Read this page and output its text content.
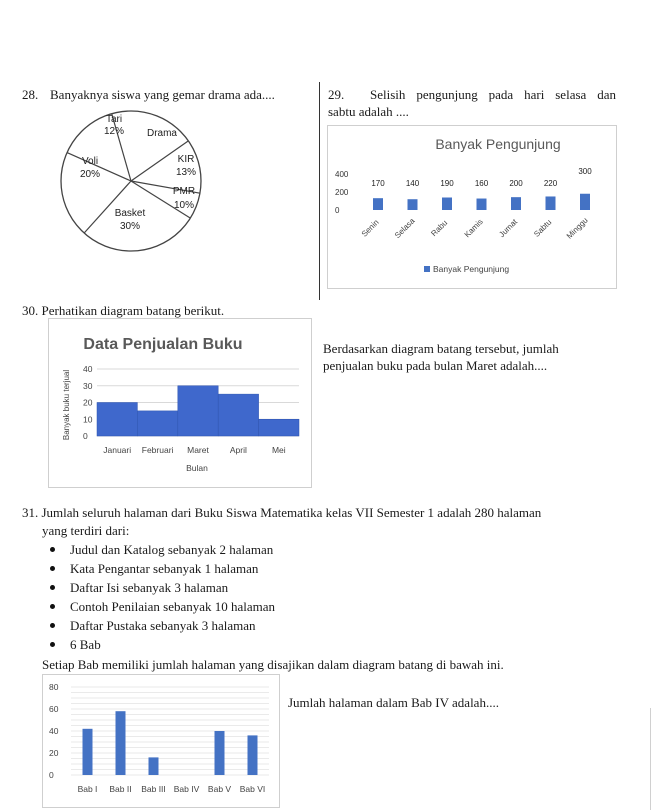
28. Banyaknya siswa yang gemar drama ada....
Tari
12% Drama
KIR
13%
PMR
10%
Basket
30%
Voli
20%
29. Selisih pengunjung pada hari selasa dan
sabtu adalah ....
Banyak Pengunjung
400
200
0
170	140	190	160	200	220
300
Senin Selasa Rabu Kamis Jumat Sabtu Minggu
Banyak Pengunjung
30. Perhatikan diagram batang berikut.
Data Penjualan Buku
40
30
20
10
0
Januari Februari Maret April	Mei
Bulan
Banyak buku terjual
Berdasarkan diagram batang tersebut, jumlah
penjualan buku pada bulan Maret adalah....
31. Jumlah seluruh halaman dari Buku Siswa Matematika kelas VII Semester 1 adalah 280 halaman
yang terdiri dari:
Judul dan Katalog sebanyak 2 halaman
Kata Pengantar sebanyak 1 halaman
Daftar Isi sebanyak 3 halaman
Contoh Penilaian sebanyak 10 halaman
Daftar Pustaka sebanyak 3 halaman
6 Bab
Setiap Bab memiliki jumlah halaman yang disajikan dalam diagram batang di bawah ini.
80
60
40
20
0
Bab I Bab II Bab III Bab IV Bab V Bab VI
Jumlah halaman dalam Bab IV adalah....
